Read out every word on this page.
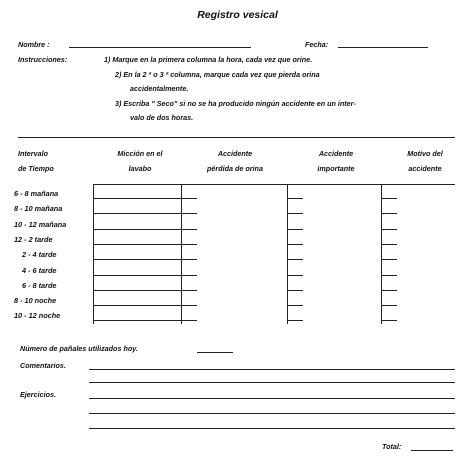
Registro vesical
Nombre :	Fecha:
Instrucciones:	1) Marque en la primera columna la hora, cada vez que orine.
2) En la 2 ª o 3 ª columna, marque cada vez que pierda orina
accidentalmente.
3) Escriba " Seco" si no se ha producido ningún accidente en un inter-
valo de dos horas.
Intervalo
de Tiempo
Micción en el
lavabo
Accidente
pérdida de orina
Accidente
importante
Motivo del
accidente
6 - 8 mañana
8 - 10 mañana
10 - 12 mañana
12 - 2 tarde
2 - 4 tarde
4 - 6 tarde
6 - 8 tarde
8 - 10 noche
10 - 12 noche
Número de pañales utilizados hoy.
Comentarios.
Ejercicios.
Total:
